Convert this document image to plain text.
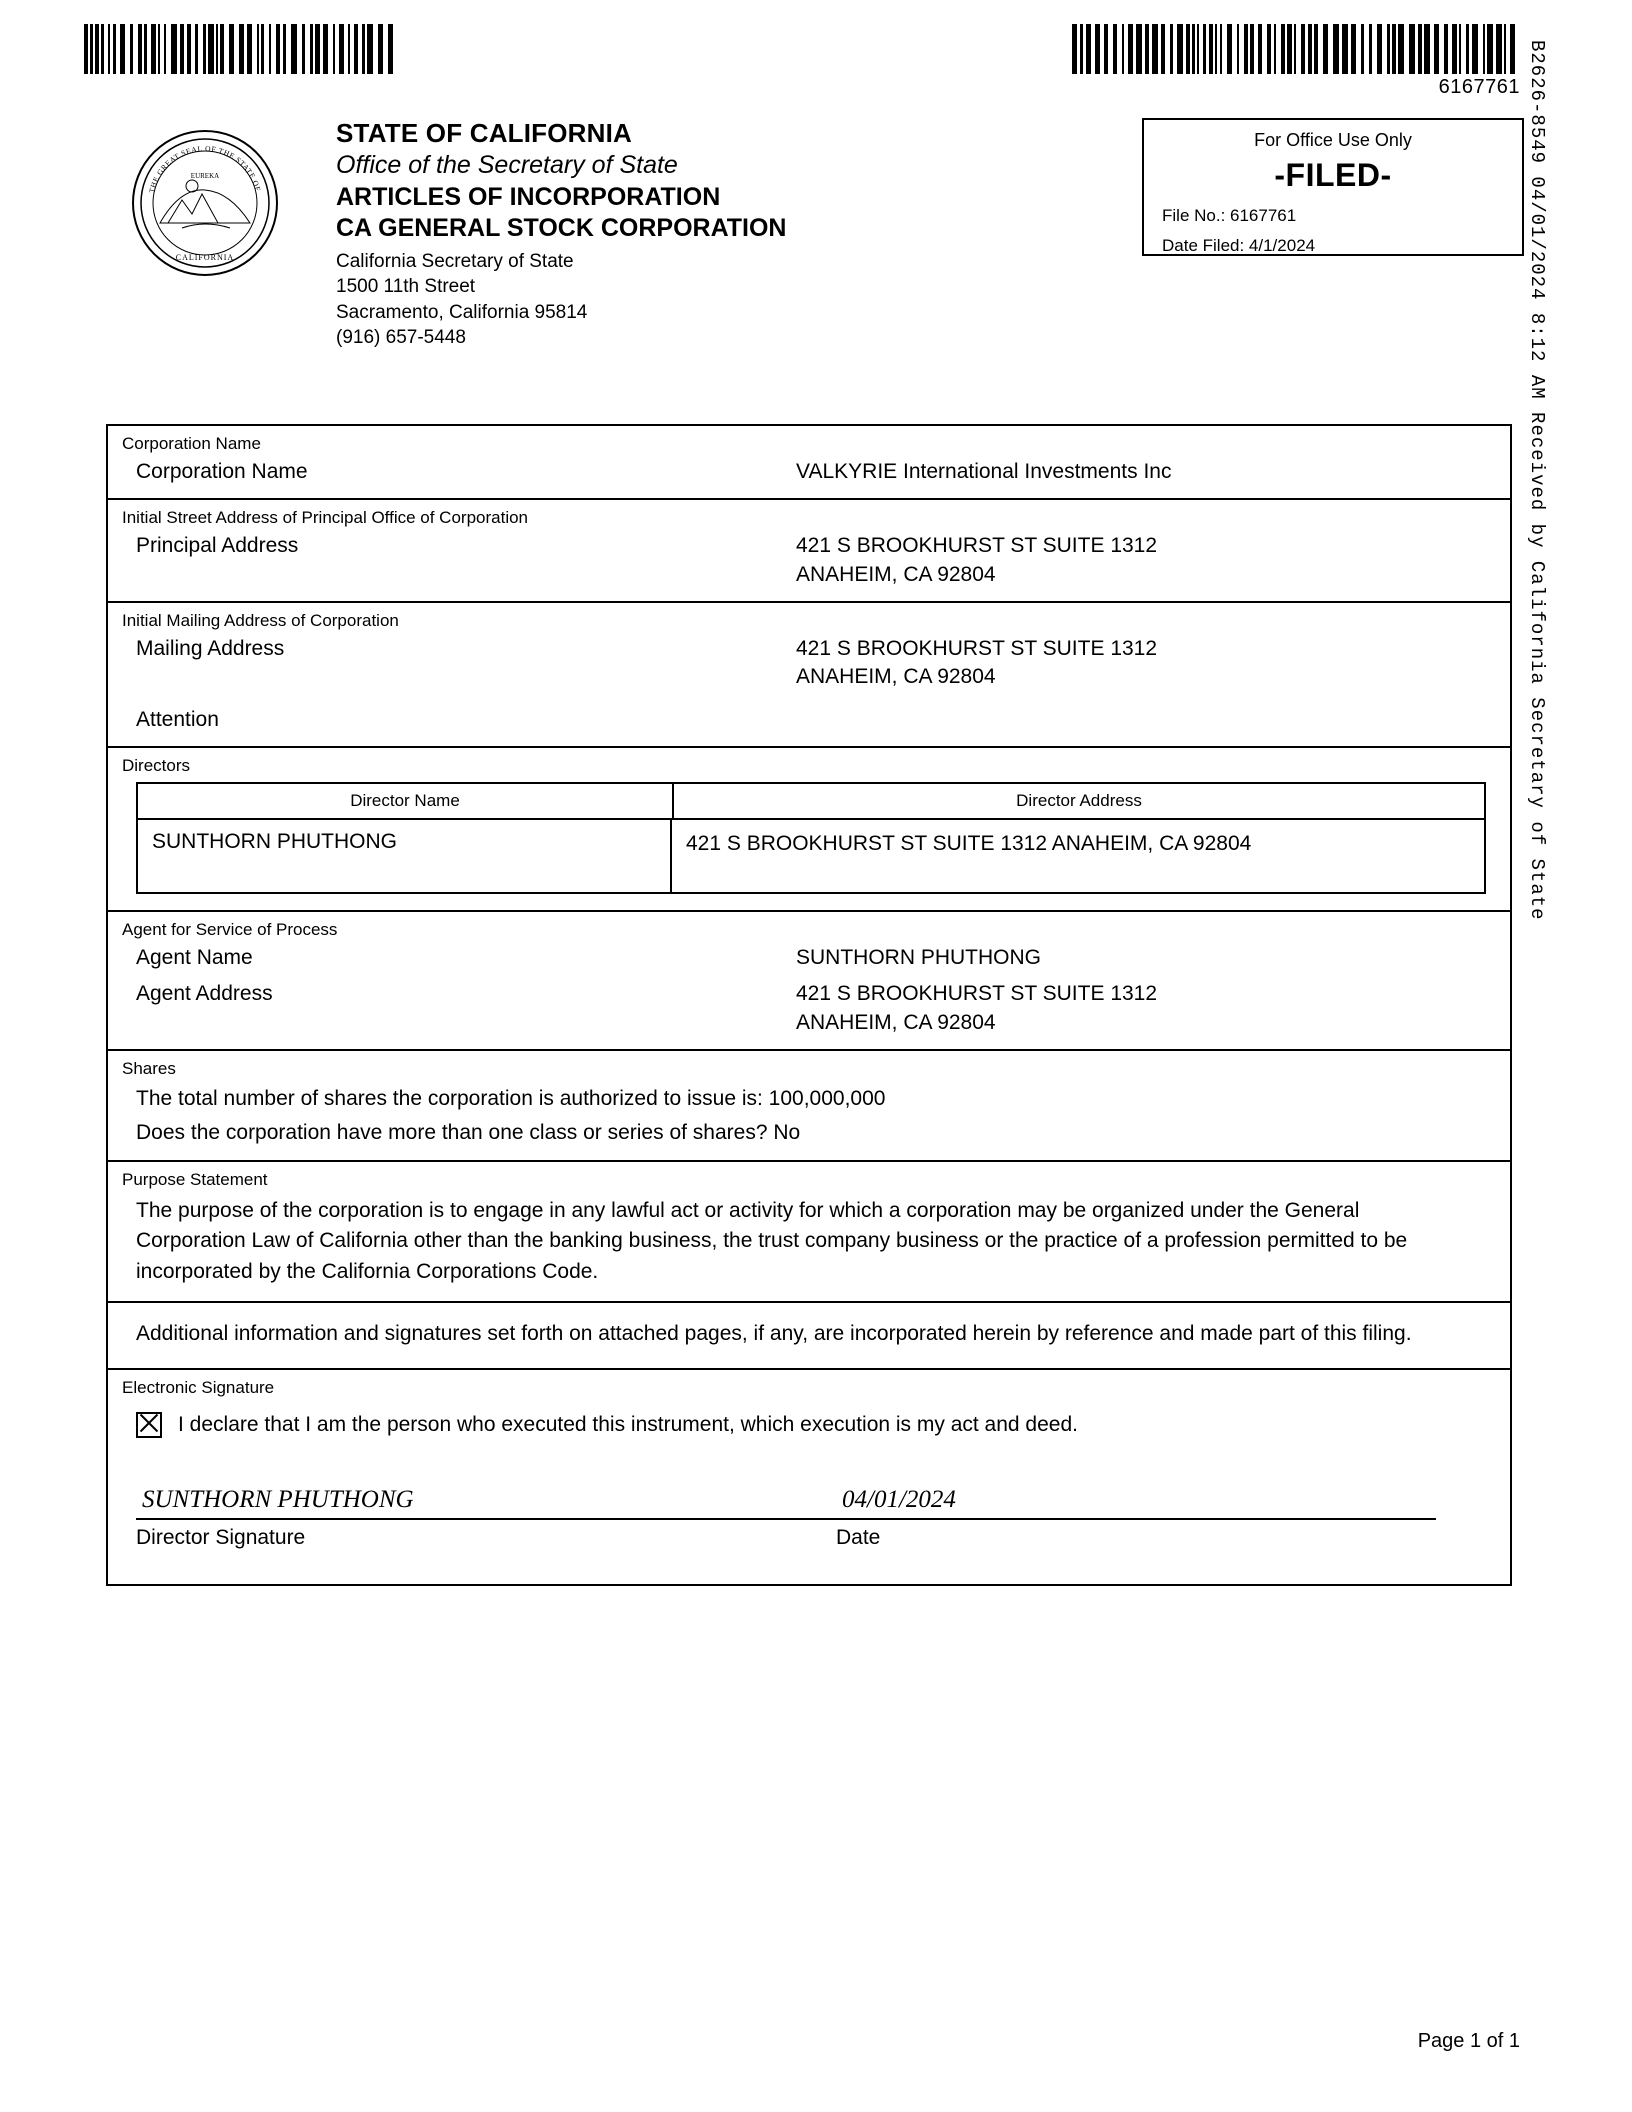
6167761 B2626-8549 04/01/2024 8:12 AM Received by California Secretary of State
EUREKA
CALIFORNIA
THE GREAT SEAL OF THE STATE OF
STATE OF CALIFORNIA
Office of the Secretary of State
ARTICLES OF INCORPORATION
CA GENERAL STOCK CORPORATION
California Secretary of State
1500 11th Street
Sacramento, California 95814
(916) 657-5448
For Office Use Only
-FILED-
File No.: 6167761
Date Filed: 4/1/2024
Corporation Name
Corporation Name	VALKYRIE International Investments Inc
Initial Street Address of Principal Office of Corporation
Principal Address	421 S BROOKHURST ST SUITE 1312
ANAHEIM, CA 92804
Initial Mailing Address of Corporation
Mailing Address	421 S BROOKHURST ST SUITE 1312
ANAHEIM, CA 92804
Attention
Directors
Director Name	Director Address
SUNTHORN PHUTHONG	421 S BROOKHURST ST SUITE 1312 ANAHEIM, CA 92804
Agent for Service of Process
Agent Name	SUNTHORN PHUTHONG
Agent Address	421 S BROOKHURST ST SUITE 1312
ANAHEIM, CA 92804
Shares
The total number of shares the corporation is authorized to issue is: 100,000,000
Does the corporation have more than one class or series of shares? No
Purpose Statement
The purpose of the corporation is to engage in any lawful act or activity for which a corporation may be organized under the General Corporation Law of California other than the banking business, the trust company business or the practice of a profession permitted to be incorporated by the California Corporations Code.
Additional information and signatures set forth on attached pages, if any, are incorporated herein by reference and made part of this filing.
Electronic Signature
I declare that I am the person who executed this instrument, which execution is my act and deed.
SUNTHORN PHUTHONG
Director Signature
04/01/2024
Date
Page 1 of 1
